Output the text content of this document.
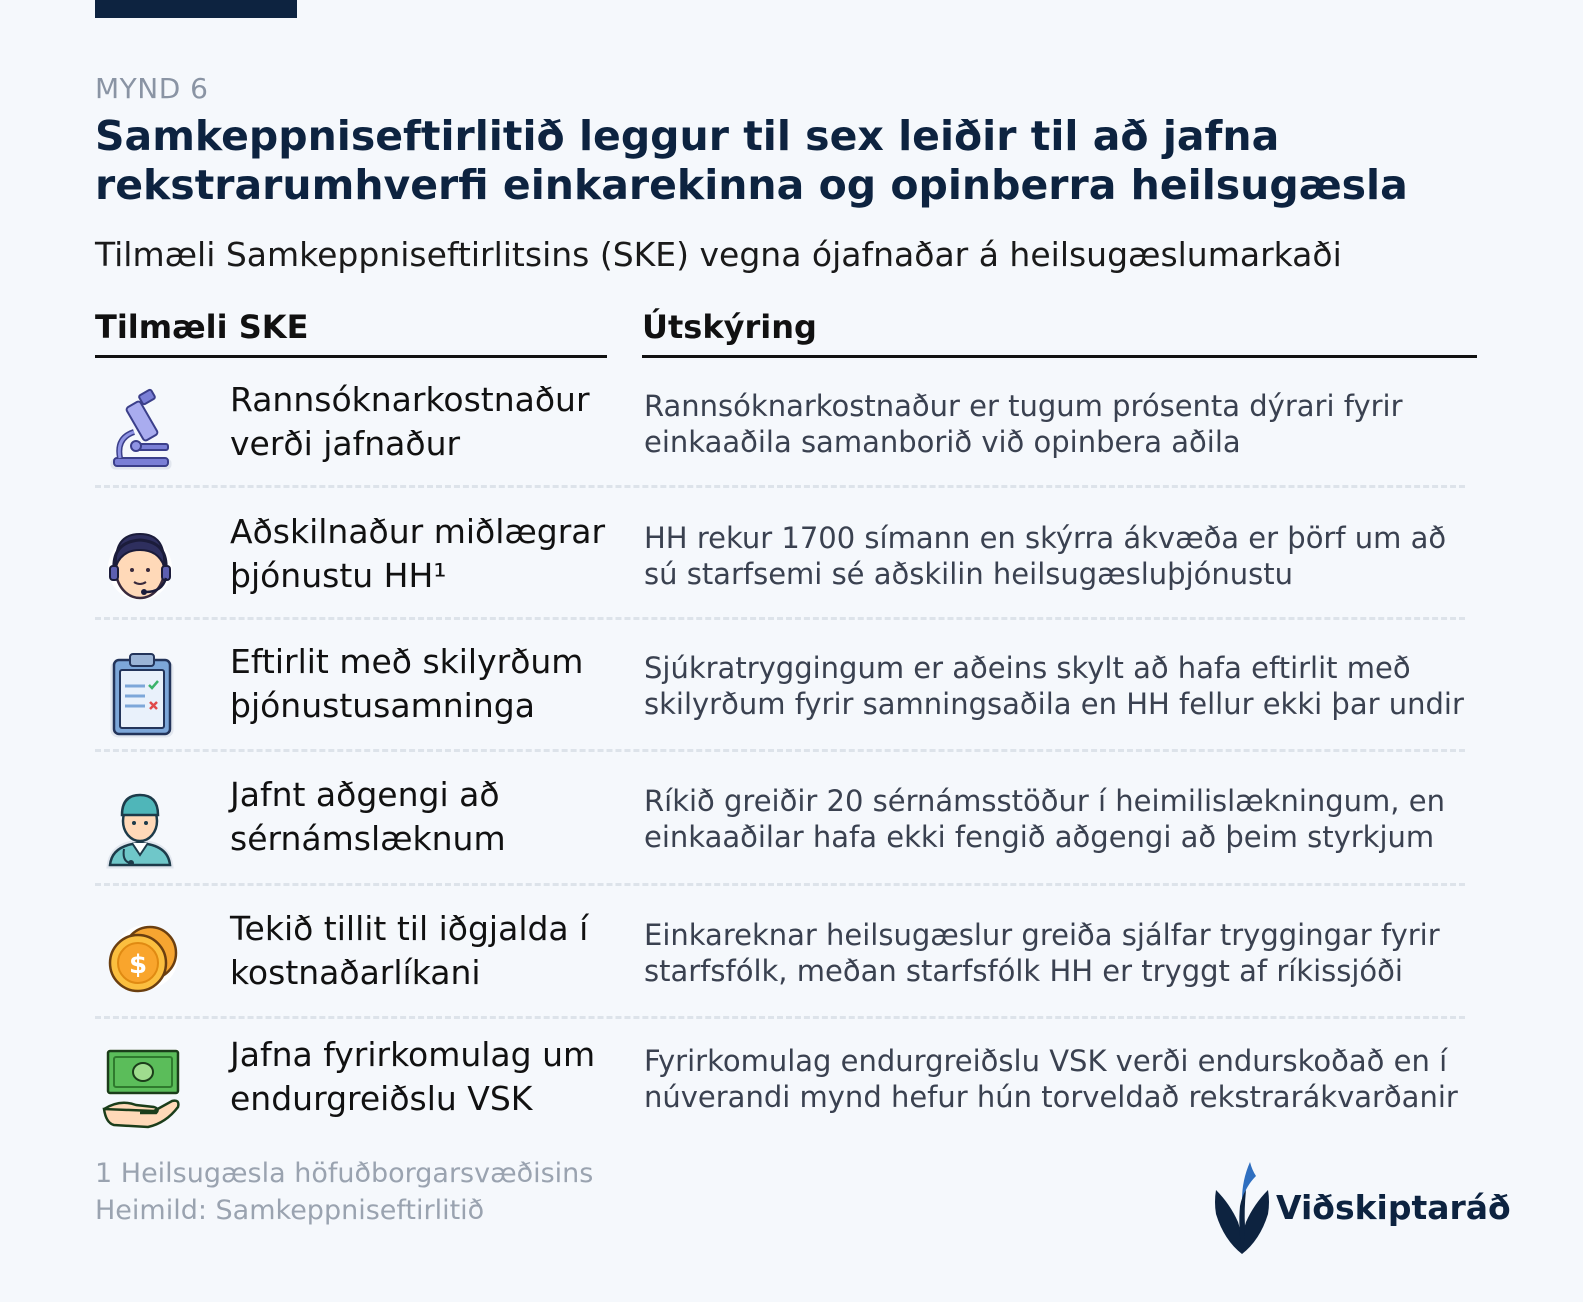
MYND 6
Samkeppniseftirlitið leggur til sex leiðir til að jafna rekstrarumhverfi einkarekinna og opinberra heilsugæsla
Tilmæli Samkeppniseftirlitsins (SKE) vegna ójafnaðar á heilsugæslumarkaði
Tilmæli SKE	Útskýring
Rannsóknarkostnaður verði jafnaður
Rannsóknarkostnaður er tugum prósenta dýrari fyrir einkaaðila samanborið við opinbera aðila
Aðskilnaður miðlægrar þjónustu HH¹
HH rekur 1700 símann en skýrra ákvæða er þörf um að sú starfsemi sé aðskilin heilsugæsluþjónustu
Eftirlit með skilyrðum þjónustusamninga
Sjúkratryggingum er aðeins skylt að hafa eftirlit með skilyrðum fyrir samningsaðila en HH fellur ekki þar undir
Jafnt aðgengi að sérnámslæknum
Ríkið greiðir 20 sérnámsstöður í heimilislækningum, en einkaaðilar hafa ekki fengið aðgengi að þeim styrkjum
$
Tekið tillit til iðgjalda í kostnaðarlíkani
Einkareknar heilsugæslur greiða sjálfar tryggingar fyrir starfsfólk, meðan starfsfólk HH er tryggt af ríkissjóði
Jafna fyrirkomulag um endurgreiðslu VSK
Fyrirkomulag endurgreiðslu VSK verði endurskoðað en í núverandi mynd hefur hún torveldað rekstrarákvarðanir
1 Heilsugæsla höfuðborgarsvæðisins
Heimild: Samkeppniseftirlitið	Viðskiptaráð
